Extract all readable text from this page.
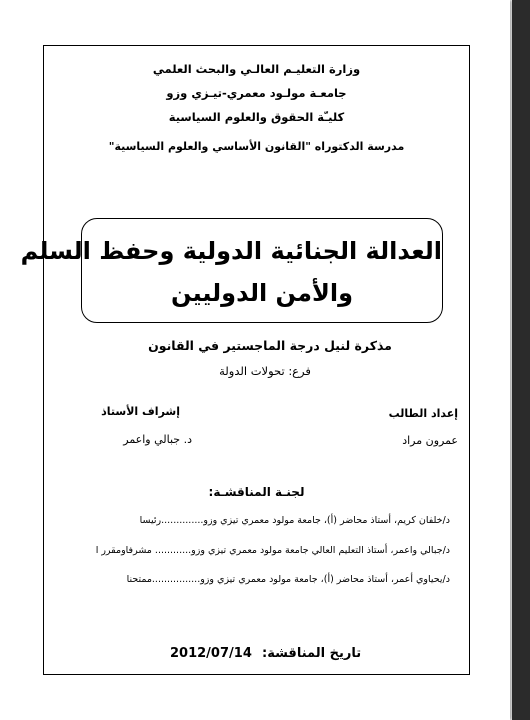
وزارة التعليـم العالـي والبحث العلمي
جامعـة مولـود معمري-تيـزي وزو
كليـّة الحقوق والعلوم السياسية
مدرسة الدكتوراه "القانون الأساسي والعلوم السياسية"
العدالة الجنائية الدولية وحفظ السلم
والأمن الدوليين
مذكرة لنيل درجة الماجستير في القانون
فرع: تحولات الدولة
إعداد الطالب
عمرون مراد
إشراف الأستاذ
د. جبالي واعمر
لجنـة المناقشـة:
د/خلفان كريم، أستاذ محاضر (أ)، جامعة مولود معمري تيزي وزو..............رئيسا
د/جبالي واعمر، أستاذ التعليم العالي جامعة مولود معمري تيزي وزو............ مشرفاومقرر ا
د/يحياوي أعمر، أستاذ محاضر (أ)، جامعة مولود معمري تيزي وزو................ممتحنا
تاريخ المناقشة:
2012/07/14
